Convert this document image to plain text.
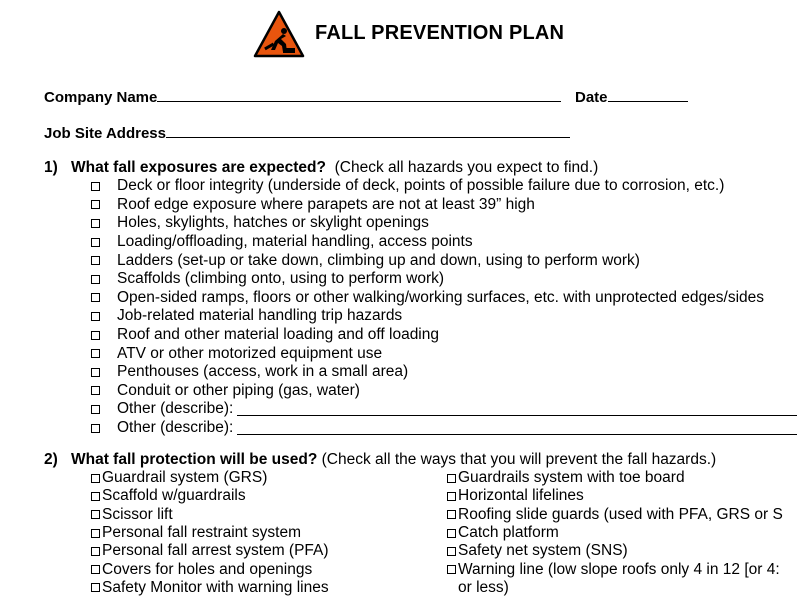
FALL PREVENTION PLAN
Company Name	Date
Job Site Address
1) What fall exposures are expected? (Check all hazards you expect to find.)
Deck or floor integrity (underside of deck, points of possible failure due to corrosion, etc.)
Roof edge exposure where parapets are not at least 39” high
Holes, skylights, hatches or skylight openings
Loading/offloading, material handling, access points
Ladders (set-up or take down, climbing up and down, using to perform work)
Scaffolds (climbing onto, using to perform work)
Open-sided ramps, floors or other walking/working surfaces, etc. with unprotected edges/sides
Job-related material handling trip hazards
Roof and other material loading and off loading
ATV or other motorized equipment use
Penthouses (access, work in a small area)
Conduit or other piping (gas, water)
Other (describe):
Other (describe):
2) What fall protection will be used? (Check all the ways that you will prevent the fall hazards.)
Guardrail system (GRS)
Scaffold w/guardrails
Scissor lift
Personal fall restraint system
Personal fall arrest system (PFA)
Covers for holes and openings
Safety Monitor with warning lines
Guardrails system with toe board
Horizontal lifelines
Roofing slide guards (used with PFA, GRS or S
Catch platform
Safety net system (SNS)
Warning line (low slope roofs only 4 in 12 [or 4:
or less)
